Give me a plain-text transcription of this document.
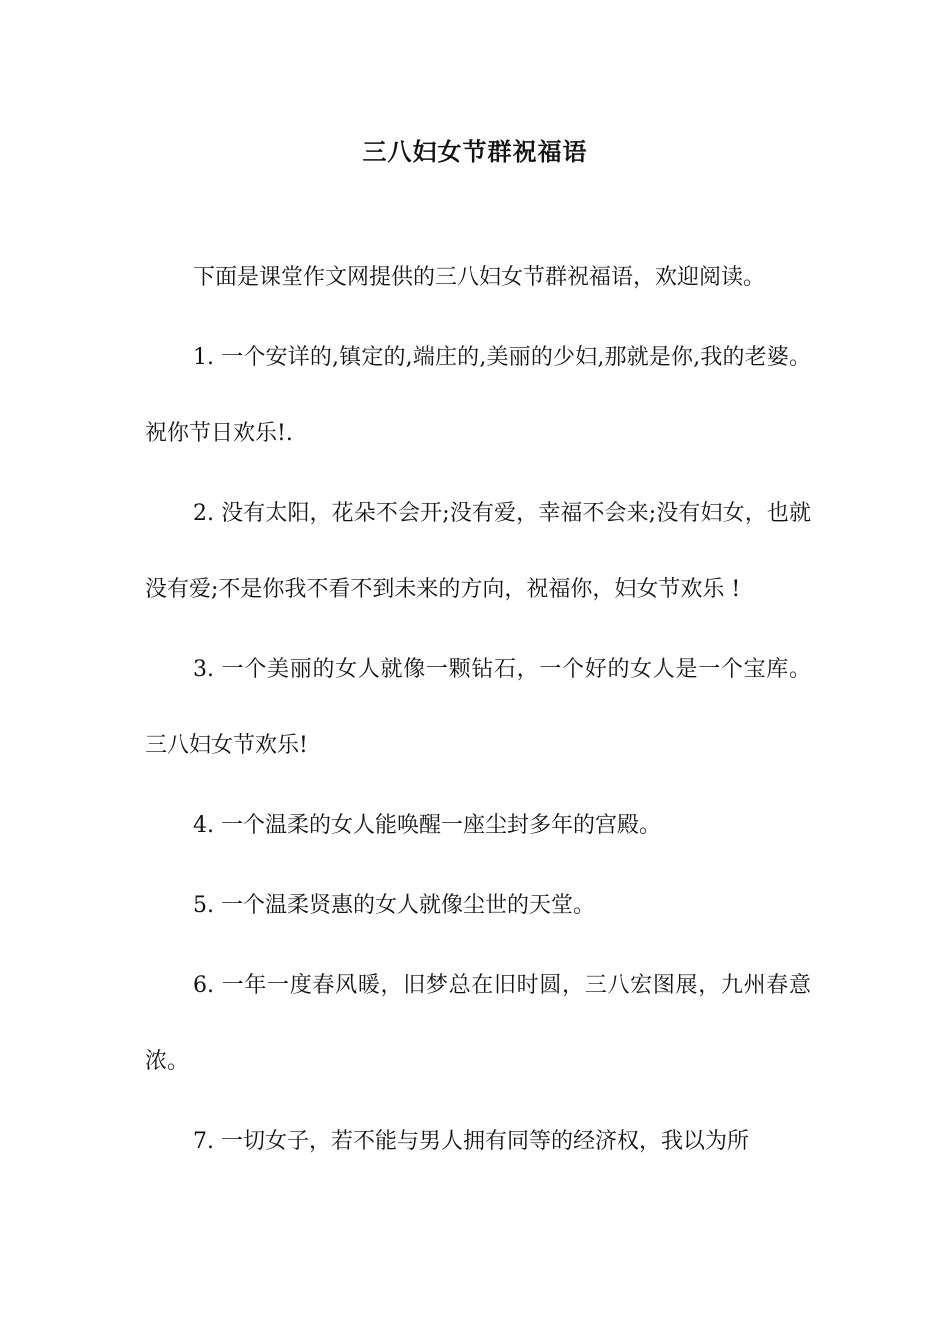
三八妇女节群祝福语

下面是课堂作文网提供的三八妇女节群祝福语，欢迎阅读。

1. 一个安详的,镇定的,端庄的,美丽的少妇,那就是你,我的老婆。祝你节日欢乐!.

2. 没有太阳，花朵不会开;没有爱，幸福不会来;没有妇女，也就没有爱;不是你我不看不到未来的方向，祝福你，妇女节欢乐 !

3. 一个美丽的女人就像一颗钻石，一个好的女人是一个宝库。三八妇女节欢乐!

4. 一个温柔的女人能唤醒一座尘封多年的宫殿。

5. 一个温柔贤惠的女人就像尘世的天堂。

6. 一年一度春风暖，旧梦总在旧时圆，三八宏图展，九州春意浓。

7. 一切女子，若不能与男人拥有同等的经济权，我以为所
